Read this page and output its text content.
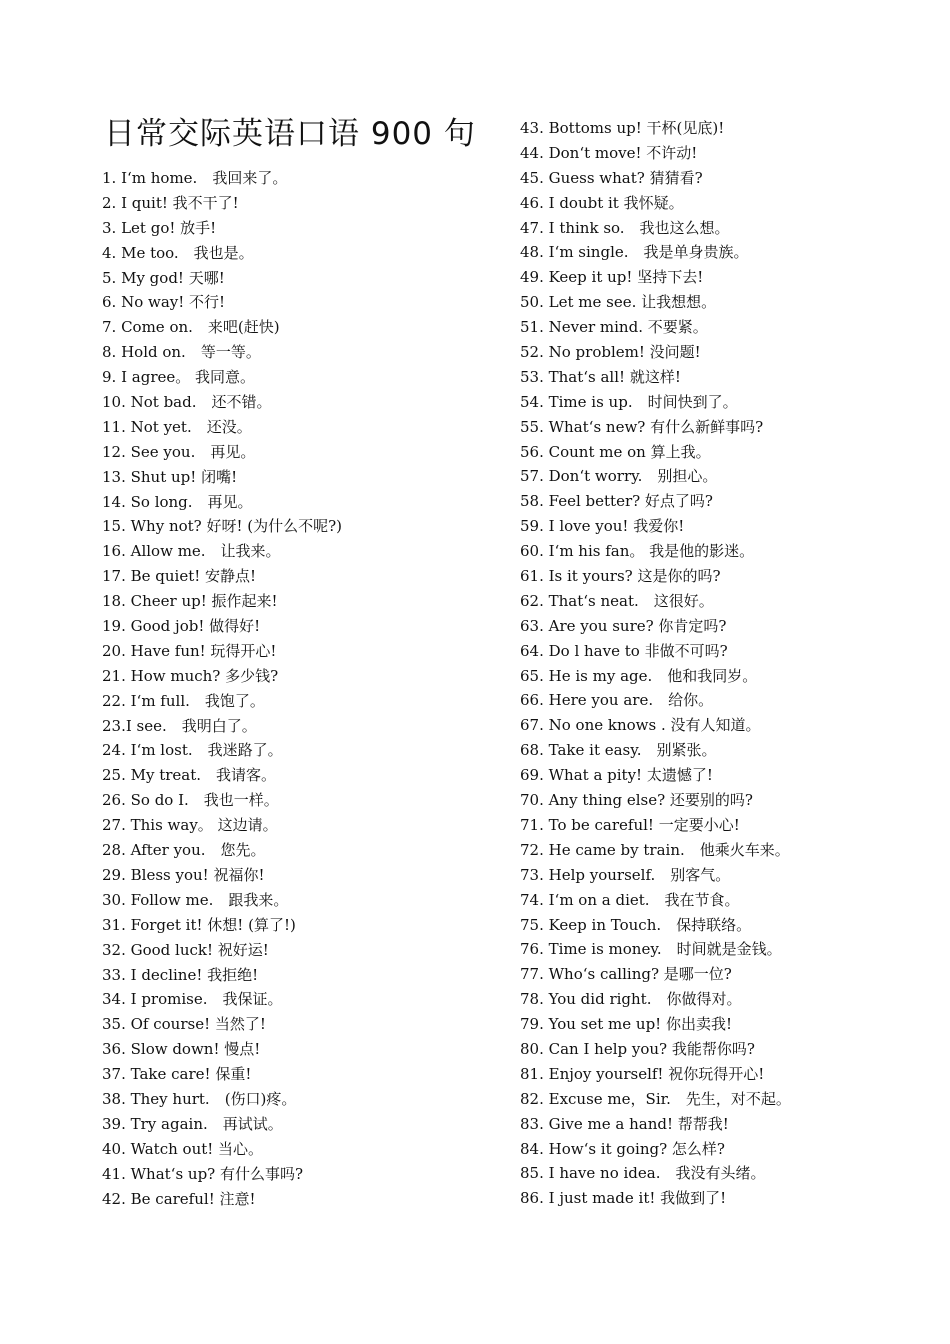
日常交际英语口语 900 句
1. I‘m home.　我回来了。
2. I quit! 我不干了!
3. Let go! 放手!
4. Me too.　我也是。
5. My god! 天哪!
6. No way! 不行!
7. Come on.　来吧(赶快)
8. Hold on.　等一等。
9. I agree。 我同意。
10. Not bad.　还不错。
11. Not yet.　还没。
12. See you.　再见。
13. Shut up! 闭嘴!
14. So long.　再见。
15. Why not? 好呀! (为什么不呢?)
16. Allow me.　让我来。
17. Be quiet! 安静点!
18. Cheer up! 振作起来!
19. Good job! 做得好!
20. Have fun! 玩得开心!
21. How much? 多少钱?
22. I‘m full.　我饱了。
23.I see.　我明白了。
24. I‘m lost.　我迷路了。
25. My treat.　我请客。
26. So do I.　我也一样。
27. This way。 这边请。
28. After you.　您先。
29. Bless you! 祝福你!
30. Follow me.　跟我来。
31. Forget it! 休想! (算了!)
32. Good luck! 祝好运!
33. I decline! 我拒绝!
34. I promise.　我保证。
35. Of course! 当然了!
36. Slow down! 慢点!
37. Take care! 保重!
38. They hurt.　(伤口)疼。
39. Try again.　再试试。
40. Watch out! 当心。
41. What‘s up? 有什么事吗?
42. Be careful! 注意!
43. Bottoms up! 干杯(见底)!
44. Don‘t move! 不许动!
45. Guess what? 猜猜看?
46. I doubt it 我怀疑。
47. I think so.　我也这么想。
48. I‘m single.　我是单身贵族。
49. Keep it up! 坚持下去!
50. Let me see. 让我想想。
51. Never mind. 不要紧。
52. No problem! 没问题!
53. That‘s all! 就这样!
54. Time is up.　时间快到了。
55. What‘s new? 有什么新鲜事吗?
56. Count me on 算上我。
57. Don‘t worry.　别担心。
58. Feel better? 好点了吗?
59. I love you! 我爱你!
60. I‘m his fan。 我是他的影迷。
61. Is it yours? 这是你的吗?
62. That‘s neat.　这很好。
63. Are you sure? 你肯定吗?
64. Do l have to 非做不可吗?
65. He is my age.　他和我同岁。
66. Here you are.　给你。
67. No one knows . 没有人知道。
68. Take it easy.　别紧张。
69. What a pity! 太遗憾了!
70. Any thing else? 还要别的吗?
71. To be careful! 一定要小心!
72. He came by train.　他乘火车来。
73. Help yourself.　别客气。
74. I‘m on a diet.　我在节食。
75. Keep in Touch.　保持联络。
76. Time is money.　时间就是金钱。
77. Who‘s calling? 是哪一位?
78. You did right.　你做得对。
79. You set me up! 你出卖我!
80. Can I help you? 我能帮你吗?
81. Enjoy yourself! 祝你玩得开心!
82. Excuse me，Sir.　先生，对不起。
83. Give me a hand! 帮帮我!
84. How‘s it going? 怎么样?
85. I have no idea.　我没有头绪。
86. I just made it! 我做到了!
